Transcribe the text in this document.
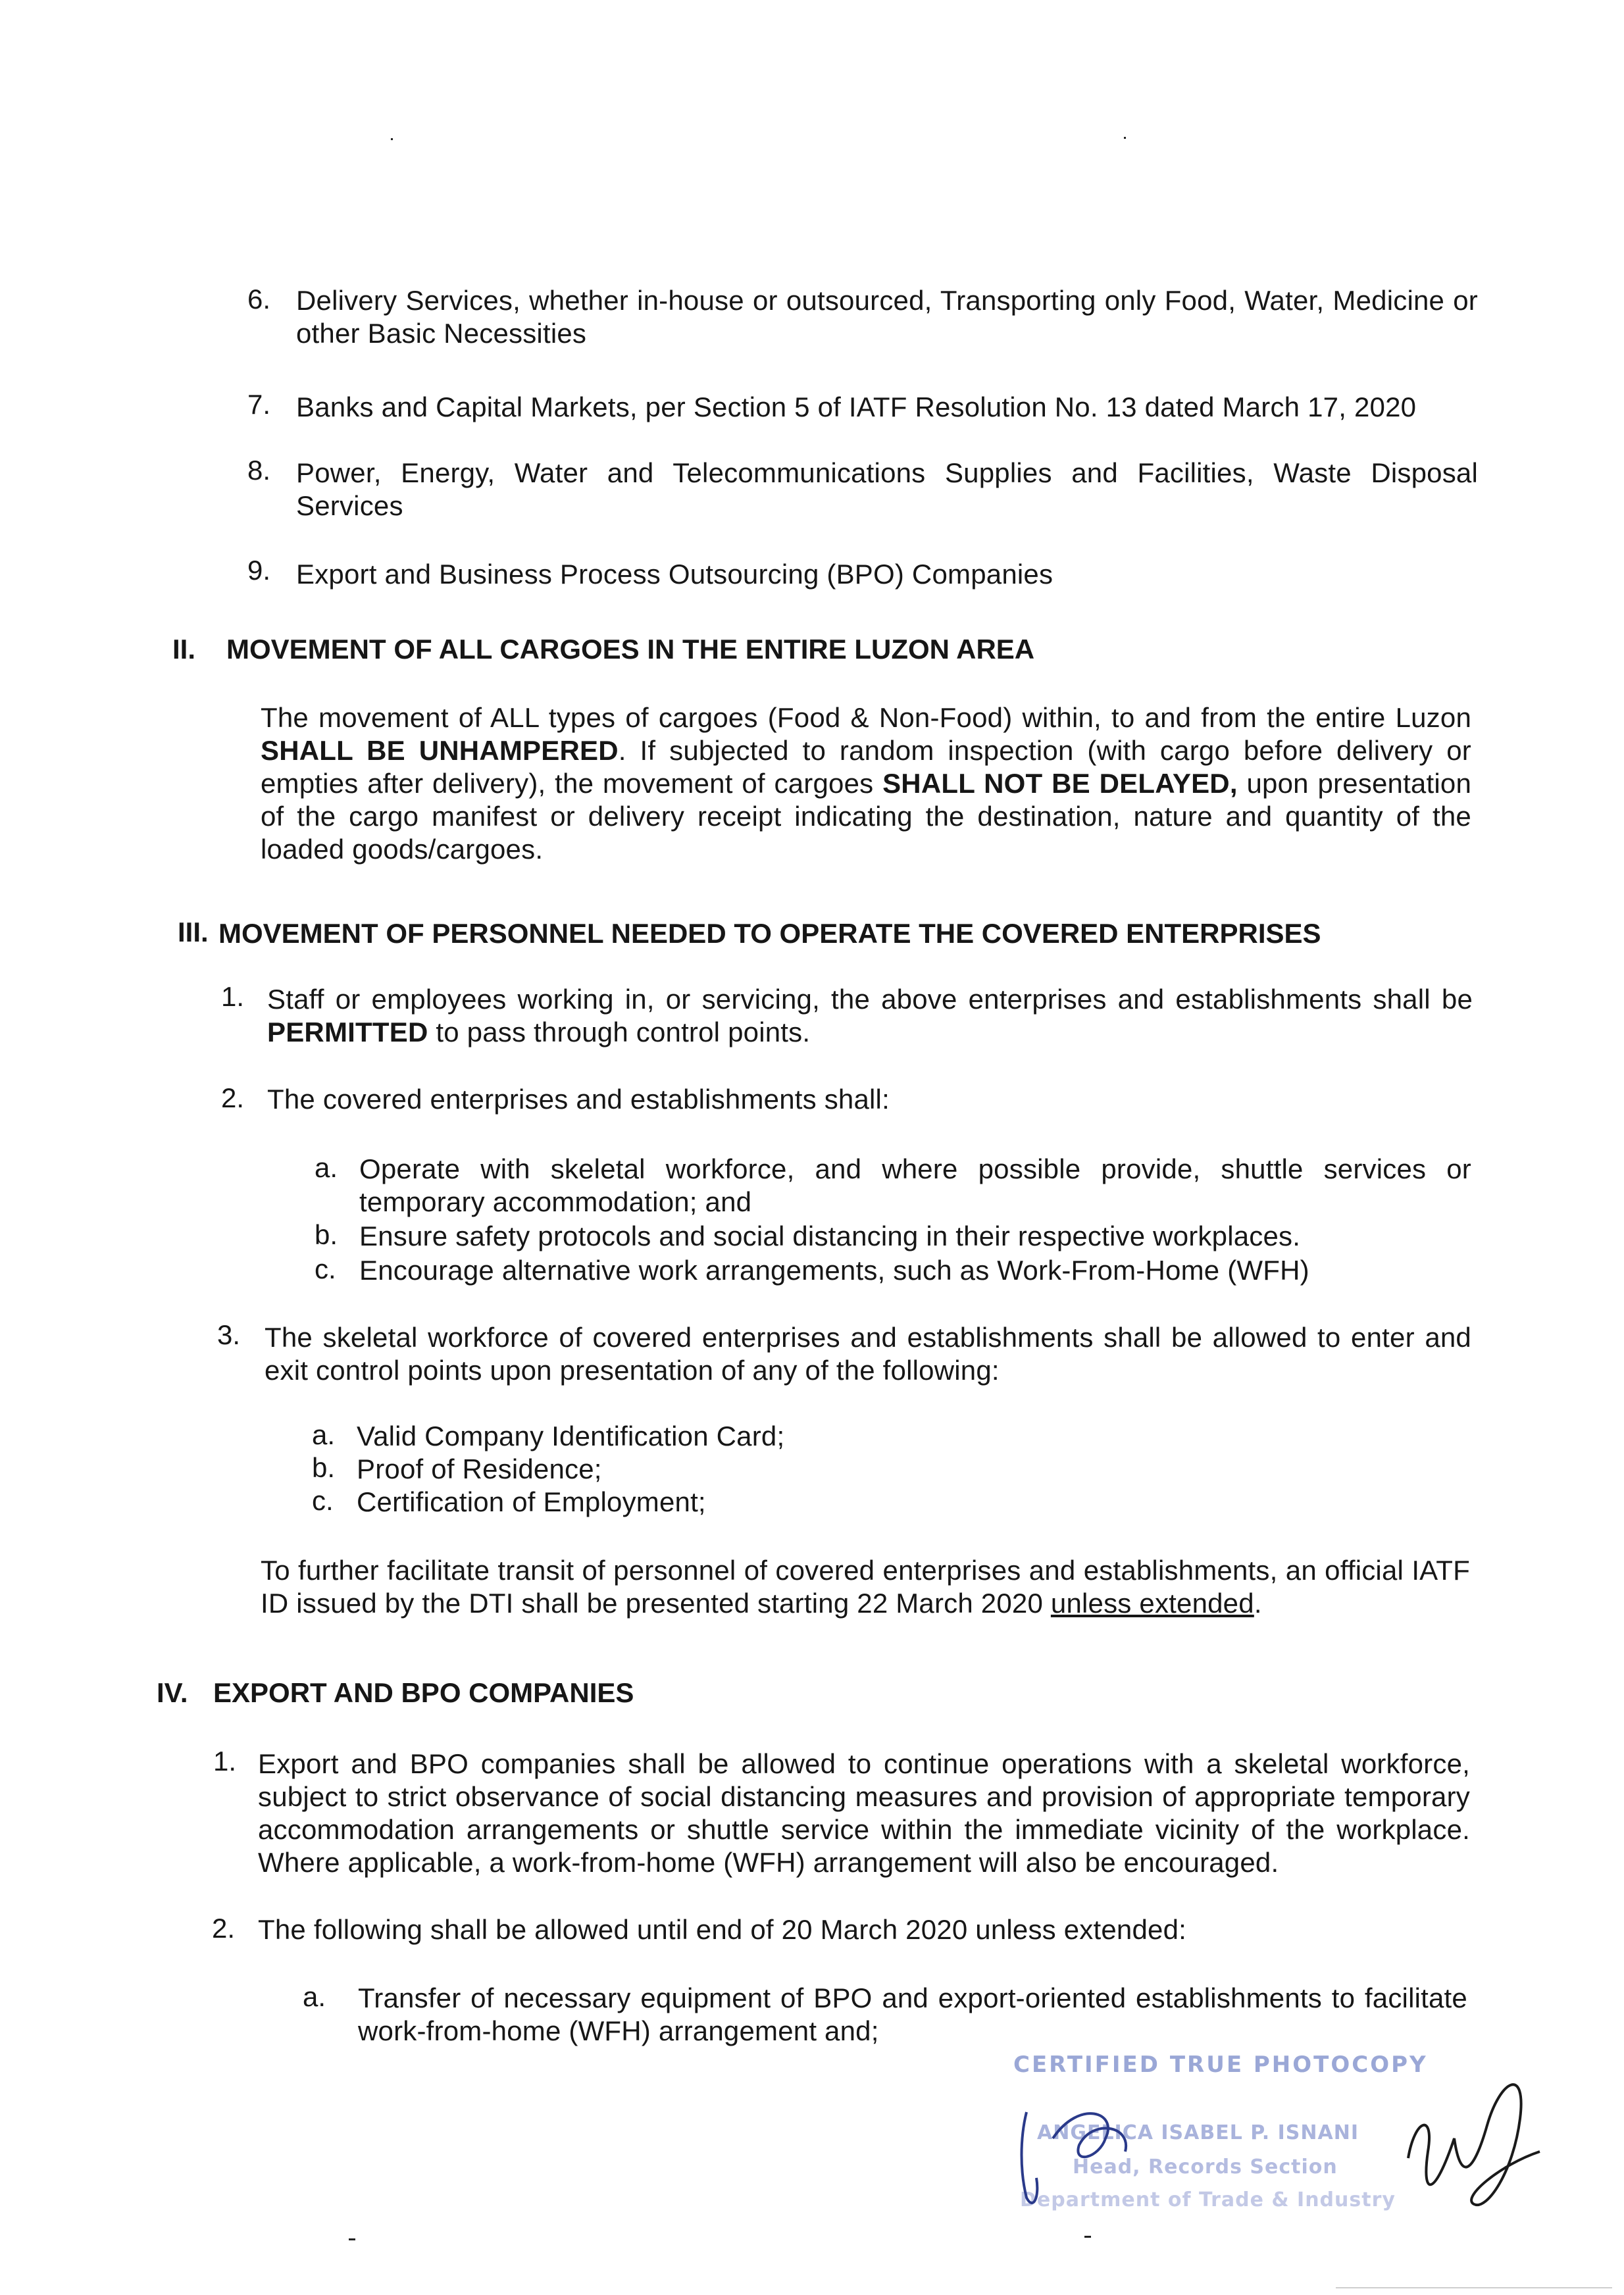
6. Delivery Services, whether in-house or outsourced, Transporting only Food, Water, Medicine or other Basic Necessities
7. Banks and Capital Markets, per Section 5 of IATF Resolution No. 13 dated March 17, 2020
8. Power, Energy, Water and Telecommunications Supplies and Facilities, Waste Disposal Services
9. Export and Business Process Outsourcing (BPO) Companies
II. MOVEMENT OF ALL CARGOES IN THE ENTIRE LUZON AREA
The movement of ALL types of cargoes (Food & Non-Food) within, to and from the entire Luzon SHALL BE UNHAMPERED. If subjected to random inspection (with cargo before delivery or empties after delivery), the movement of cargoes SHALL NOT BE DELAYED, upon presentation of the cargo manifest or delivery receipt indicating the destination, nature and quantity of the loaded goods/cargoes.
III. MOVEMENT OF PERSONNEL NEEDED TO OPERATE THE COVERED ENTERPRISES
1. Staff or employees working in, or servicing, the above enterprises and establishments shall be PERMITTED to pass through control points.
2. The covered enterprises and establishments shall:
a. Operate with skeletal workforce, and where possible provide, shuttle services or temporary accommodation; and
b. Ensure safety protocols and social distancing in their respective workplaces.
c. Encourage alternative work arrangements, such as Work-From-Home (WFH)
3. The skeletal workforce of covered enterprises and establishments shall be allowed to enter and exit control points upon presentation of any of the following:
a. Valid Company Identification Card;
b. Proof of Residence;
c. Certification of Employment;
To further facilitate transit of personnel of covered enterprises and establishments, an official IATF ID issued by the DTI shall be presented starting 22 March 2020 unless extended.
IV. EXPORT AND BPO COMPANIES
1. Export and BPO companies shall be allowed to continue operations with a skeletal workforce, subject to strict observance of social distancing measures and provision of appropriate temporary accommodation arrangements or shuttle service within the immediate vicinity of the workplace. Where applicable, a work-from-home (WFH) arrangement will also be encouraged.
2. The following shall be allowed until end of 20 March 2020 unless extended:
a. Transfer of necessary equipment of BPO and export-oriented establishments to facilitate work-from-home (WFH) arrangement and;
CERTIFIED TRUE PHOTOCOPY
ANGELICA ISABEL P. ISNANI
Head, Records Section
Department of Trade & Industry
